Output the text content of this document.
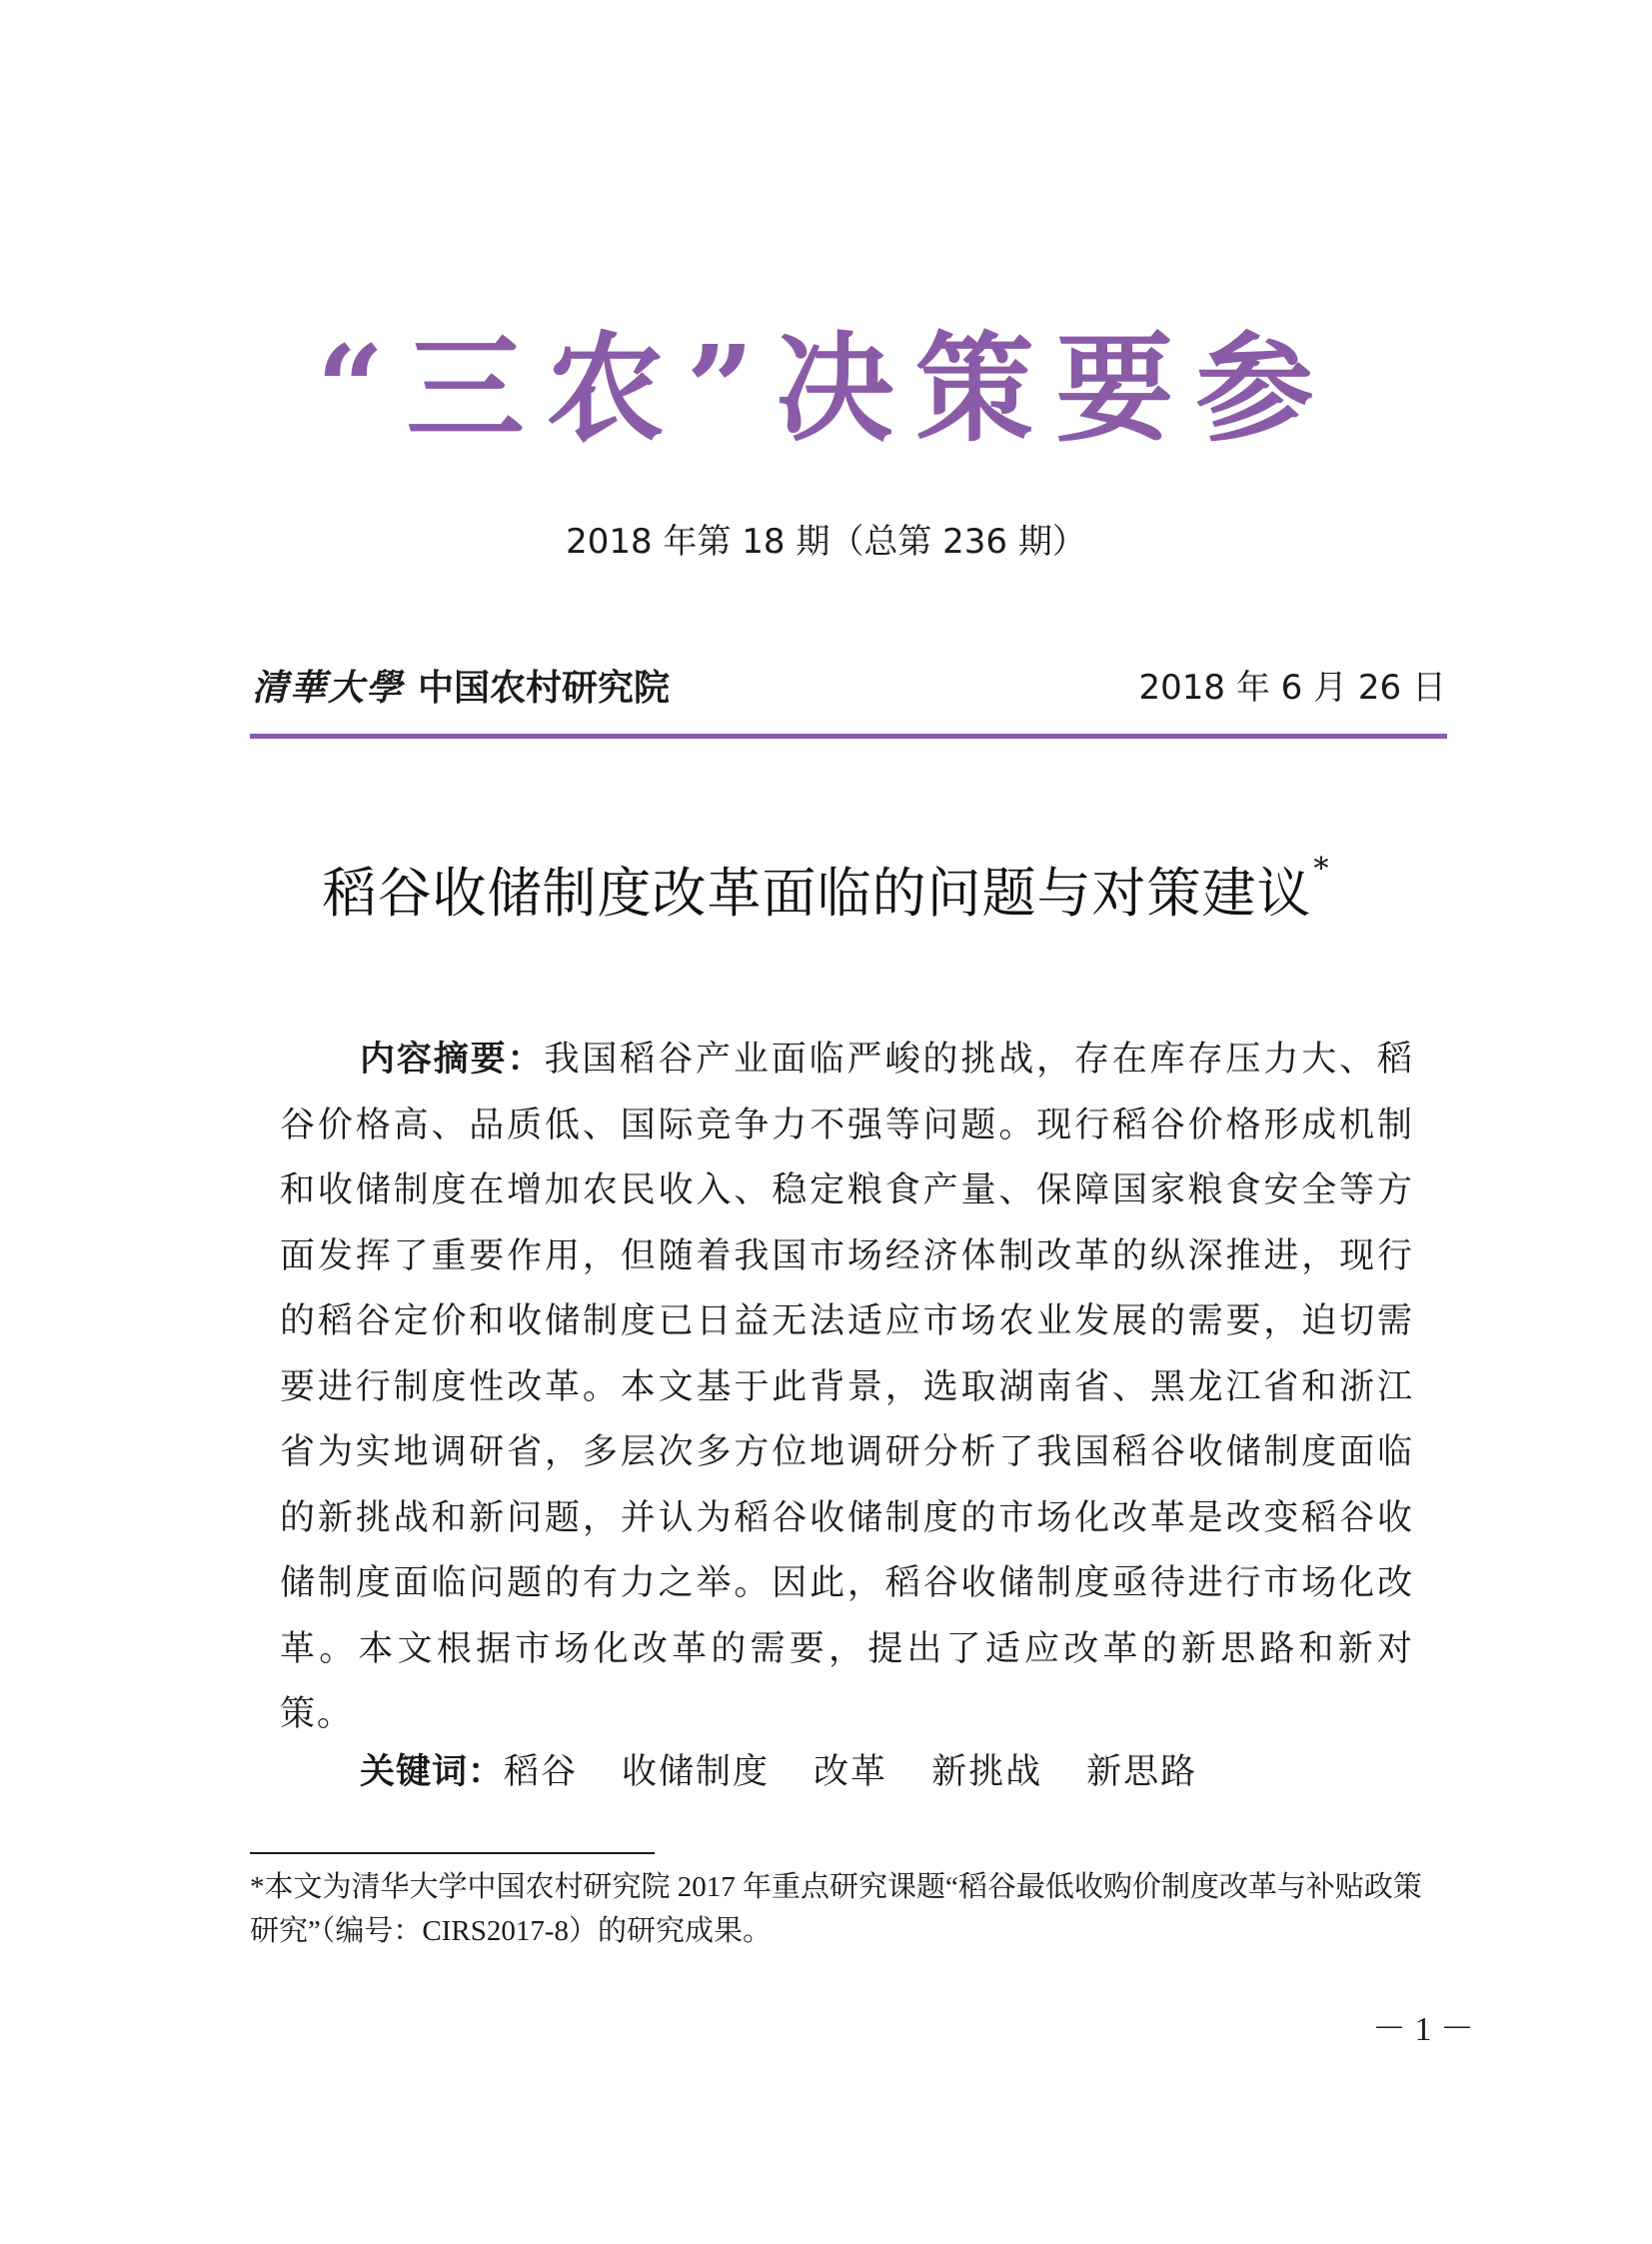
“三农”决策要参
2018 年第 18 期（总第 236 期）
清華大學 中国农村研究院	2018 年 6 月 26 日
稻谷收储制度改革面临的问题与对策建议*
内容摘要：我国稻谷产业面临严峻的挑战，存在库存压力大、稻谷价格高、品质低、国际竞争力不强等问题。现行稻谷价格形成机制和收储制度在增加农民收入、稳定粮食产量、保障国家粮食安全等方面发挥了重要作用，但随着我国市场经济体制改革的纵深推进，现行的稻谷定价和收储制度已日益无法适应市场农业发展的需要，迫切需要进行制度性改革。本文基于此背景，选取湖南省、黑龙江省和浙江省为实地调研省，多层次多方位地调研分析了我国稻谷收储制度面临的新挑战和新问题，并认为稻谷收储制度的市场化改革是改变稻谷收储制度面临问题的有力之举。因此，稻谷收储制度亟待进行市场化改革。本文根据市场化改革的需要，提出了适应改革的新思路和新对策。
关键词：稻谷 收储制度 改革 新挑战 新思路
*本文为清华大学中国农村研究院 2017 年重点研究课题“稻谷最低收购价制度改革与补贴政策研究”（编号：CIRS2017-8）的研究成果。
－ 1 －
